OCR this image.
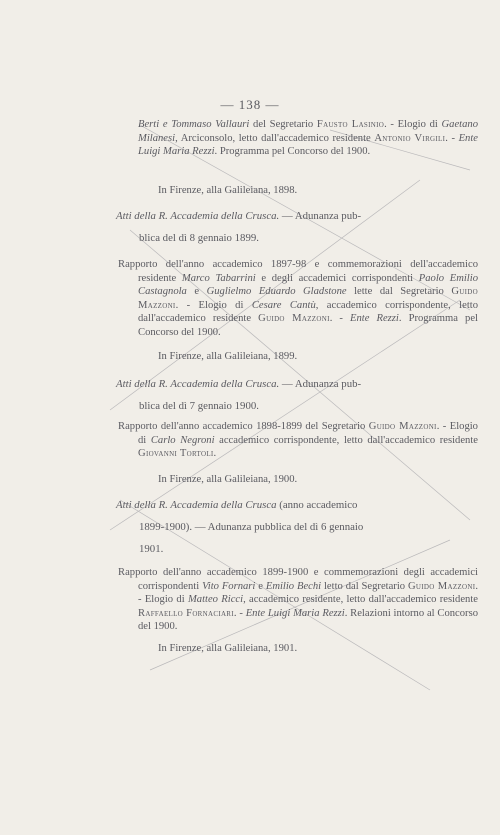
— 138 —
Berti e Tommaso Vallauri del Segretario Fausto Lasinio. - Elogio di Gaetano Milanesi, Arciconsolo, letto dall'accademico residente Antonio Virgili. - Ente Luigi Maria Rezzi. Programma pel Concorso del 1900.
In Firenze, alla Galileiana, 1898.
Atti della R. Accademia della Crusca. — Adunanza pub-
blica del dì 8 gennaio 1899.
Rapporto dell'anno accademico 1897-98 e commemorazioni dell'accademico residente Marco Tabarrini e degli accademici corrispondenti Paolo Emilio Castagnola e Guglielmo Eduardo Gladstone lette dal Segretario Guido Mazzoni. - Elogio di Cesare Cantù, accademico corrispondente, letto dall'accademico residente Guido Mazzoni. - Ente Rezzi. Programma pel Concorso del 1900.
In Firenze, alla Galileiana, 1899.
Atti della R. Accademia della Crusca. — Adunanza pub-
blica del dì 7 gennaio 1900.
Rapporto dell'anno accademico 1898-1899 del Segretario Guido Mazzoni. - Elogio di Carlo Negroni accademico corrispondente, letto dall'accademico residente Giovanni Tortoli.
In Firenze, alla Galileiana, 1900.
Atti della R. Accademia della Crusca (anno accademico
1899-1900). — Adunanza pubblica del dì 6 gennaio
1901.
Rapporto dell'anno accademico 1899-1900 e commemorazioni degli accademici corrispondenti Vito Fornari e Emilio Bechi letto dal Segretario Guido Mazzoni. - Elogio di Matteo Ricci, accademico residente, letto dall'accademico residente Raffaello Fornaciari. - Ente Luigi Maria Rezzi. Relazioni intorno al Concorso del 1900.
In Firenze, alla Galileiana, 1901.
